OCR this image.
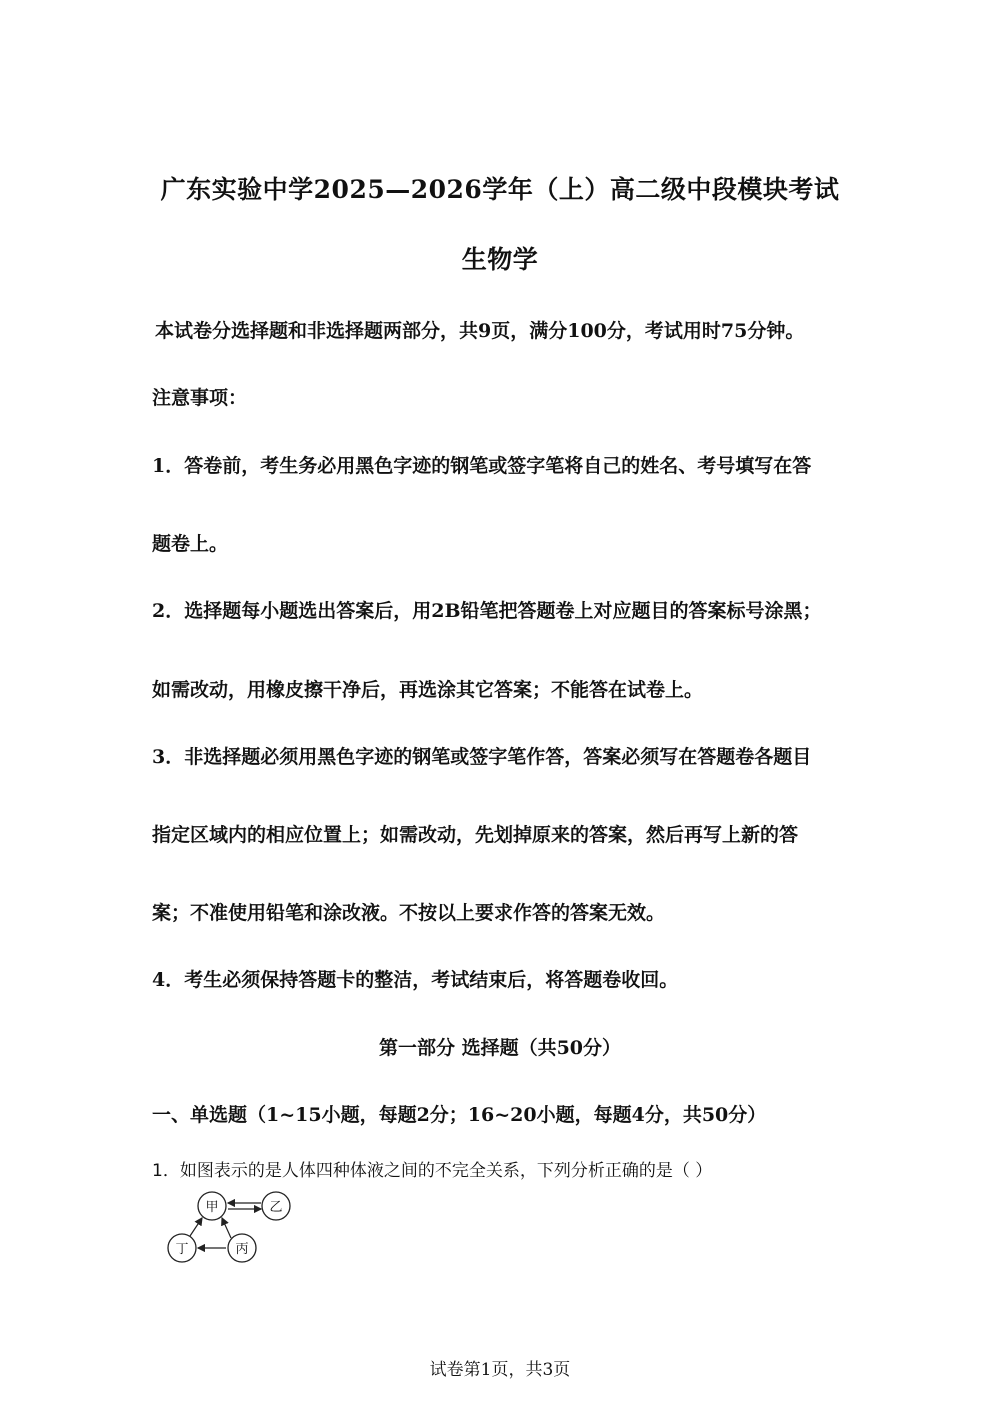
广东实验中学2025—2026学年（上）高二级中段模块考试
生物学
本试卷分选择题和非选择题两部分，共9页，满分100分，考试用时75分钟。
注意事项：
1．答卷前，考生务必用黑色字迹的钢笔或签字笔将自己的姓名、考号填写在答
题卷上。
2．选择题每小题选出答案后，用2B铅笔把答题卷上对应题目的答案标号涂黑；
如需改动，用橡皮擦干净后，再选涂其它答案；不能答在试卷上。
3．非选择题必须用黑色字迹的钢笔或签字笔作答，答案必须写在答题卷各题目
指定区域内的相应位置上；如需改动，先划掉原来的答案，然后再写上新的答
案；不准使用铅笔和涂改液。不按以上要求作答的答案无效。
4．考生必须保持答题卡的整洁，考试结束后，将答题卷收回。
第一部分 选择题（共50分）
一、单选题（1~15小题，每题2分；16~20小题，每题4分，共50分）
1．如图表示的是人体四种体液之间的不完全关系，下列分析正确的是（ ）
甲	乙
丁	丙
试卷第1页，共3页
